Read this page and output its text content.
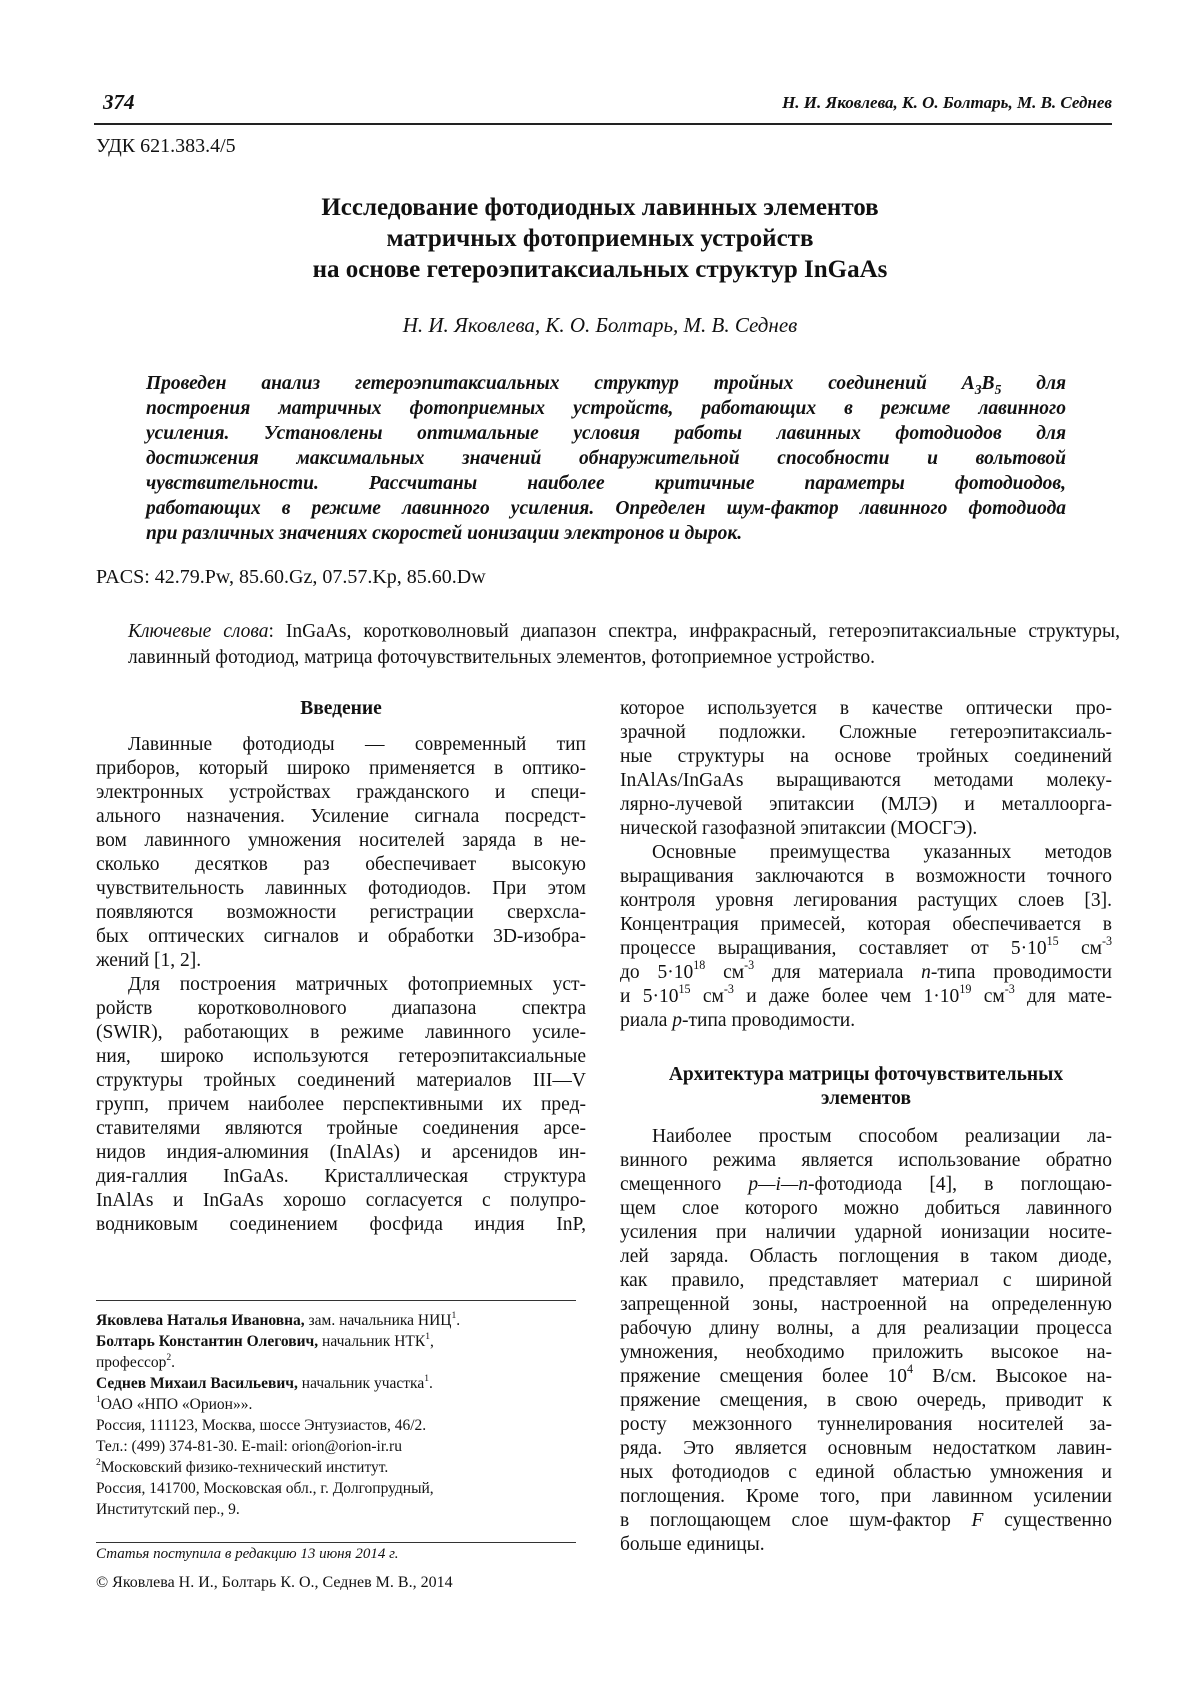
374	Н. И. Яковлева, К. О. Болтарь, М. В. Седнев
УДК 621.383.4/5
Исследование фотодиодных лавинных элементов
матричных фотоприемных устройств
на основе гетероэпитаксиальных структур InGaAs
Н. И. Яковлева, К. О. Болтарь, М. В. Седнев
Проведен анализ гетероэпитаксиальных структур тройных соединений $A_3B_5$ для
построения матричных фотоприемных устройств, работающих в режиме лавинного
усиления. Установлены оптимальные условия работы лавинных фотодиодов для
достижения максимальных значений обнаружительной способности и вольтовой
чувствительности. Рассчитаны наиболее критичные параметры фотодиодов,
работающих в режиме лавинного усиления. Определен шум-фактор лавинного фотодиода
при различных значениях скоростей ионизации электронов и дырок.
PACS: 42.79.Pw, 85.60.Gz, 07.57.Kp, 85.60.Dw
Ключевые слова: InGaAs, коротковолновый диапазон спектра, инфракрасный, гетероэпитаксиальные структуры, лавинный фотодиод, матрица фоточувствительных элементов, фотоприемное устройство.
Введение
Лавинные фотодиоды — современный тип
приборов, который широко применяется в оптико-
электронных устройствах гражданского и специ-
ального назначения. Усиление сигнала посредст-
вом лавинного умножения носителей заряда в не-
сколько десятков раз обеспечивает высокую
чувствительность лавинных фотодиодов. При этом
появляются возможности регистрации сверхсла-
бых оптических сигналов и обработки 3D-изобра-
жений [1, 2].
Для построения матричных фотоприемных уст-
ройств коротковолнового диапазона спектра
(SWIR), работающих в режиме лавинного усиле-
ния, широко используются гетероэпитаксиальные
структуры тройных соединений материалов III—V
групп, причем наиболее перспективными их пред-
ставителями являются тройные соединения арсе-
нидов индия-алюминия (InAlAs) и арсенидов ин-
дия-галлия InGaAs. Кристаллическая структура
InAlAs и InGaAs хорошо согласуется с полупро-
водниковым соединением фосфида индия InP,
Яковлева Наталья Ивановна, зам. начальника НИЦ$^1$.
Болтарь Константин Олегович, начальник НТК$^1$,
профессор$^2$.
Седнев Михаил Васильевич, начальник участка$^1$.
$^1$ОАО «НПО «Орион»».
Россия, 111123, Москва, шоссе Энтузиастов, 46/2.
Тел.: (499) 374-81-30. E-mail: orion@orion-ir.ru
$^2$Московский физико-технический институт.
Россия, 141700, Московская обл., г. Долгопрудный,
Институтский пер., 9.
Статья поступила в редакцию 13 июня 2014 г.
© Яковлева Н. И., Болтарь К. О., Седнев М. В., 2014
которое используется в качестве оптически про-
зрачной подложки. Сложные гетероэпитаксиаль-
ные структуры на основе тройных соединений
InAlAs/InGaAs выращиваются методами молеку-
лярно-лучевой эпитаксии (МЛЭ) и металлоорга-
нической газофазной эпитаксии (МОСГЭ).
Основные преимущества указанных методов
выращивания заключаются в возможности точного
контроля уровня легирования растущих слоев [3].
Концентрация примесей, которая обеспечивается в
процессе выращивания, составляет от $5\cdot 10^{15}$ $см^{-3}$
до $5\cdot 10^{18}$ $см^{-3}$ для материала n-типа проводимости
и $5\cdot 10^{15}$ $см^{-3}$ и даже более чем $1\cdot 10^{19}$ $см^{-3}$ для мате-
риала p-типа проводимости.
Архитектура матрицы фоточувствительных
элементов
Наиболее простым способом реализации ла-
винного режима является использование обратно
смещенного p—i—n-фотодиода [4], в поглощаю-
щем слое которого можно добиться лавинного
усиления при наличии ударной ионизации носите-
лей заряда. Область поглощения в таком диоде,
как правило, представляет материал с шириной
запрещенной зоны, настроенной на определенную
рабочую длину волны, а для реализации процесса
умножения, необходимо приложить высокое на-
пряжение смещения более $10^4$ В/см. Высокое на-
пряжение смещения, в свою очередь, приводит к
росту межзонного туннелирования носителей за-
ряда. Это является основным недостатком лавин-
ных фотодиодов с единой областью умножения и
поглощения. Кроме того, при лавинном усилении
в поглощающем слое шум-фактор F существенно
больше единицы.
